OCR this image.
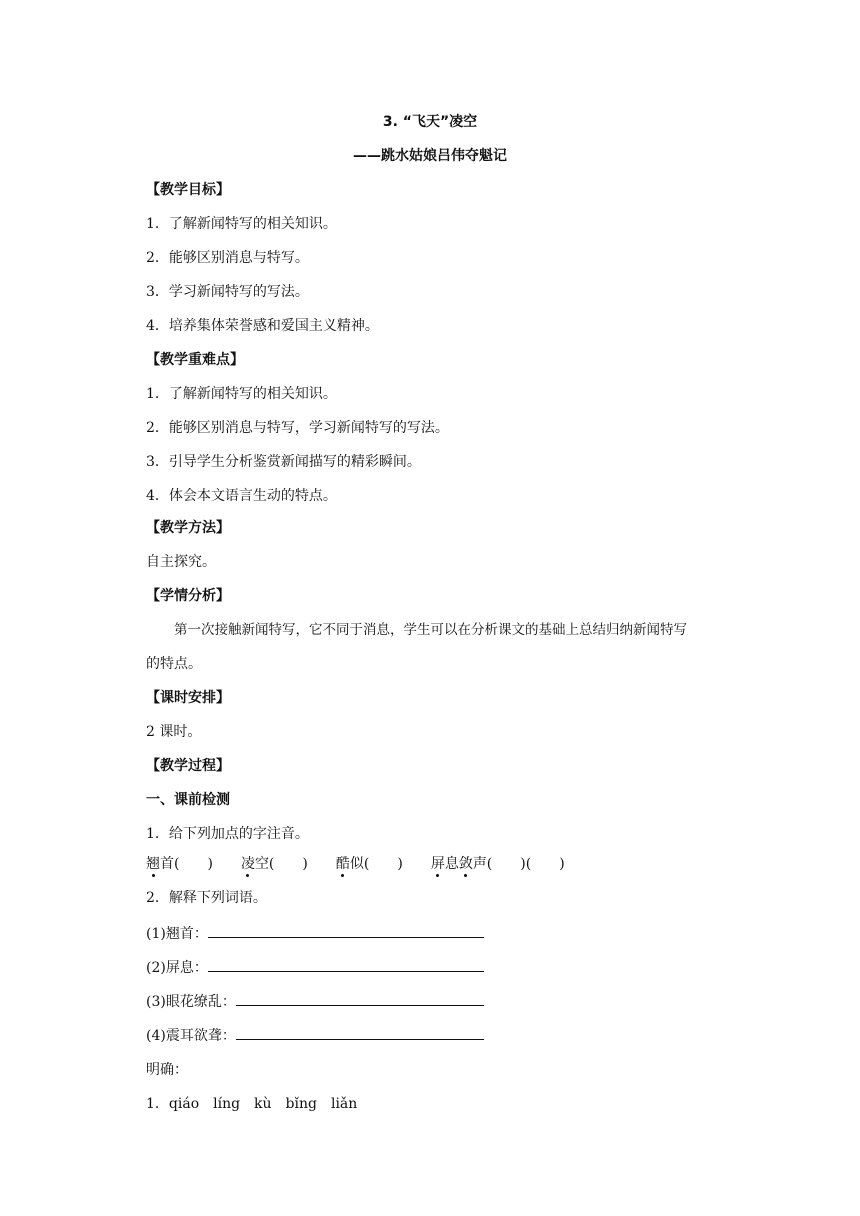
3. “飞天”凌空
——跳水姑娘吕伟夺魁记
【教学目标】
1．了解新闻特写的相关知识。
2．能够区别消息与特写。
3．学习新闻特写的写法。
4．培养集体荣誉感和爱国主义精神。
【教学重难点】
1．了解新闻特写的相关知识。
2．能够区别消息与特写，学习新闻特写的写法。
3．引导学生分析鉴赏新闻描写的精彩瞬间。
4．体会本文语言生动的特点。
【教学方法】
自主探究。
【学情分析】
第一次接触新闻特写，它不同于消息，学生可以在分析课文的基础上总结归纳新闻特写
的特点。
【课时安排】
2 课时。
【教学过程】
一、课前检测
1．给下列加点的字注音。
翘首(　　) 凌空(　　) 酷似(　　) 屏息敛声(　　)(　　)
2．解释下列词语。
(1)翘首：
(2)屏息：
(3)眼花缭乱：
(4)震耳欲聋：
明确：
1．qiáo　líng　kù　bǐng　liǎn
